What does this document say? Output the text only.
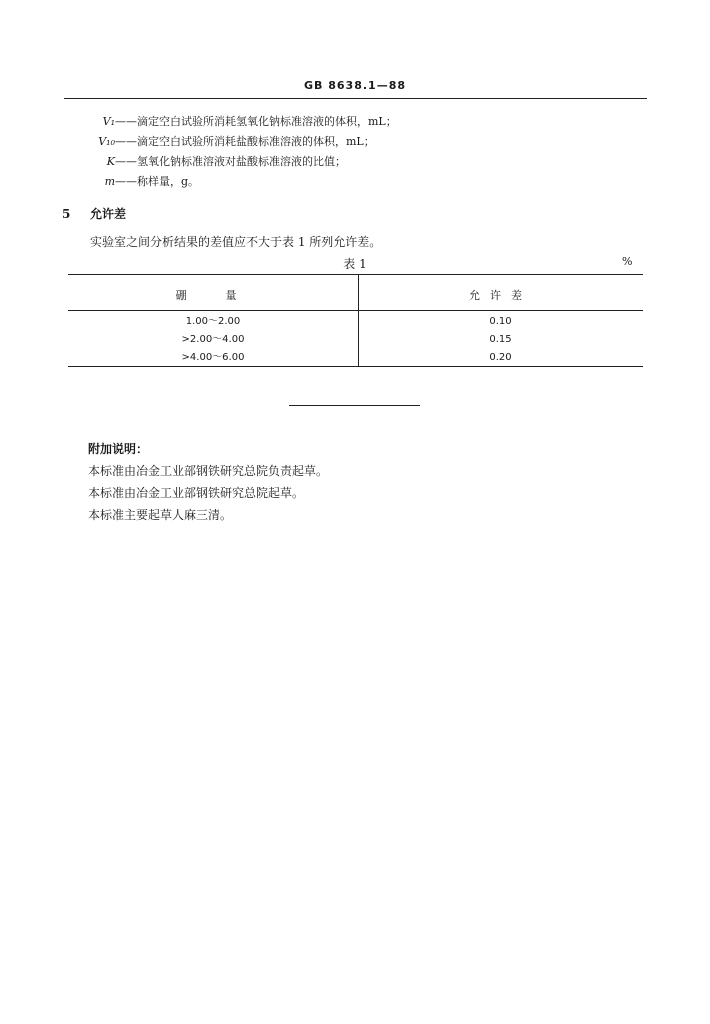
GB 8638.1—88
V₁——滴定空白试验所消耗氢氧化钠标准溶液的体积，mL；
V₁₀——滴定空白试验所消耗盐酸标准溶液的体积，mL；
K——氢氧化钠标准溶液对盐酸标准溶液的比值；
m——称样量，g。
5 允许差
实验室之间分析结果的差值应不大于表 1 所列允许差。
表 1	%
硼　量	允许差
1.00～2.00	0.10
>2.00～4.00	0.15
>4.00～6.00	0.20
附加说明：
本标准由冶金工业部钢铁研究总院负责起草。
本标准由冶金工业部钢铁研究总院起草。
本标准主要起草人麻三清。
